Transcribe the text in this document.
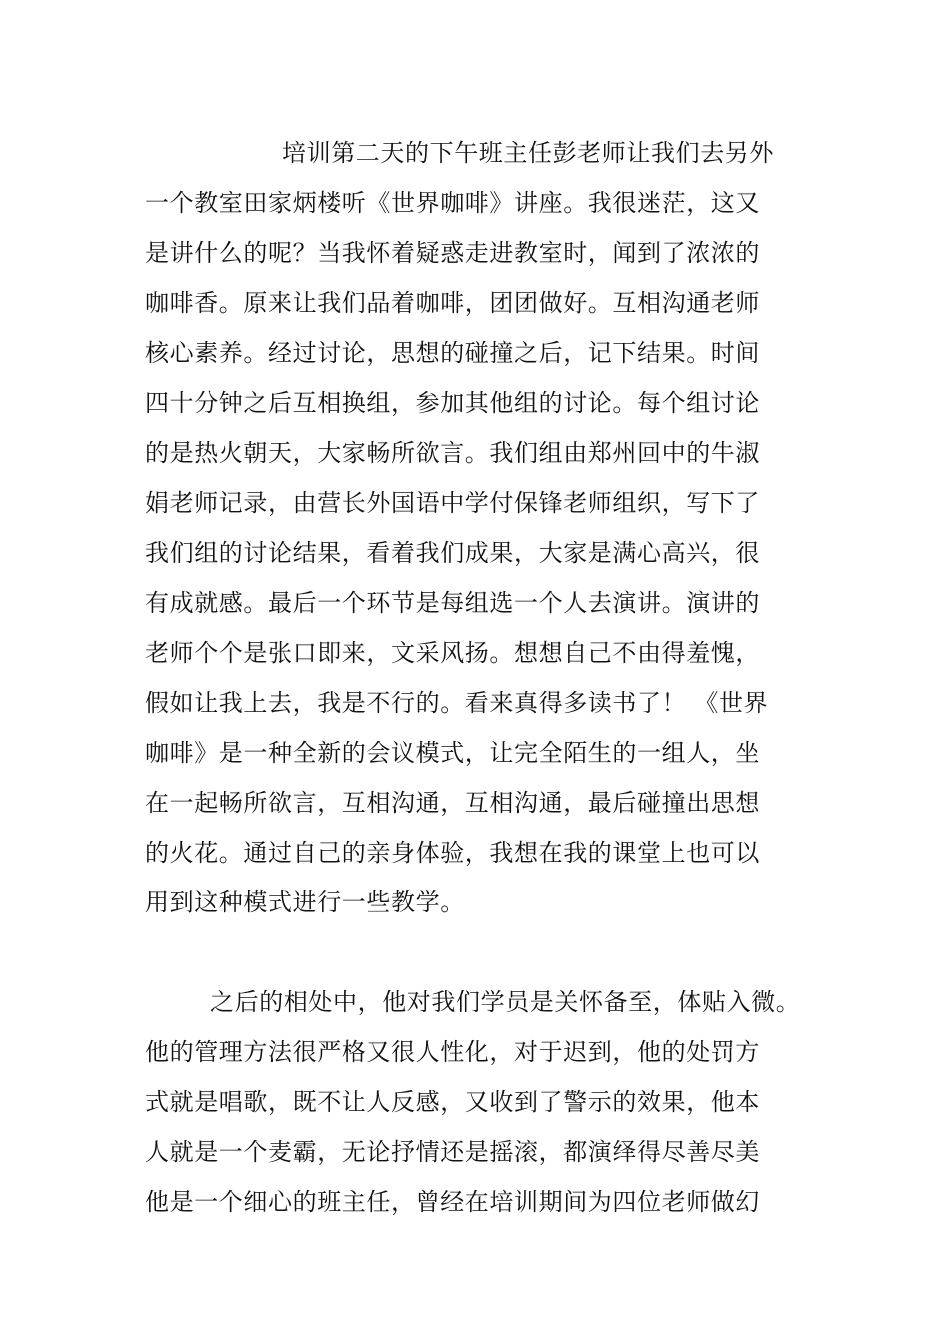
培训第二天的下午班主任彭老师让我们去另外
一个教室田家炳楼听《世界咖啡》讲座。我很迷茫，这又
是讲什么的呢？当我怀着疑惑走进教室时，闻到了浓浓的
咖啡香。原来让我们品着咖啡，团团做好。互相沟通老师
核心素养。经过讨论，思想的碰撞之后，记下结果。时间
四十分钟之后互相换组，参加其他组的讨论。每个组讨论
的是热火朝天，大家畅所欲言。我们组由郑州回中的牛淑
娟老师记录，由营长外国语中学付保锋老师组织，写下了
我们组的讨论结果，看着我们成果，大家是满心高兴，很
有成就感。最后一个环节是每组选一个人去演讲。演讲的
老师个个是张口即来，文采风扬。想想自己不由得羞愧，
假如让我上去，我是不行的。看来真得多读书了！ 《世界
咖啡》是一种全新的会议模式，让完全陌生的一组人，坐
在一起畅所欲言，互相沟通，互相沟通，最后碰撞出思想
的火花。通过自己的亲身体验，我想在我的课堂上也可以
用到这种模式进行一些教学。
之后的相处中，他对我们学员是关怀备至，体贴入微。
他的管理方法很严格又很人性化，对于迟到，他的处罚方
式就是唱歌，既不让人反感，又收到了警示的效果，他本
人就是一个麦霸，无论抒情还是摇滚，都演绎得尽善尽美
他是一个细心的班主任，曾经在培训期间为四位老师做幻
